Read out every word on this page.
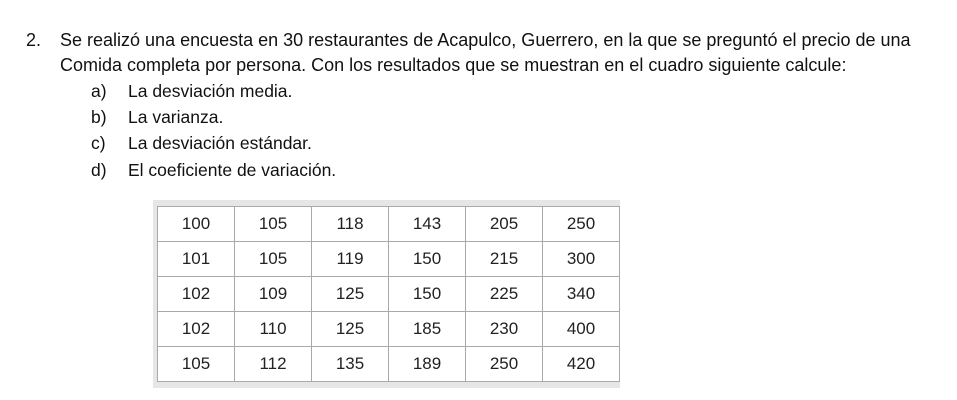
2. Se realizó una encuesta en 30 restaurantes de Acapulco, Guerrero, en la que se preguntó el precio de una
Comida completa por persona. Con los resultados que se muestran en el cuadro siguiente calcule:
a) La desviación media.
b) La varianza.
c) La desviación estándar.
d) El coeficiente de variación.
100	105	118	143	205	250
101	105	119	150	215	300
102	109	125	150	225	340
102	110	125	185	230	400
105	112	135	189	250	420
